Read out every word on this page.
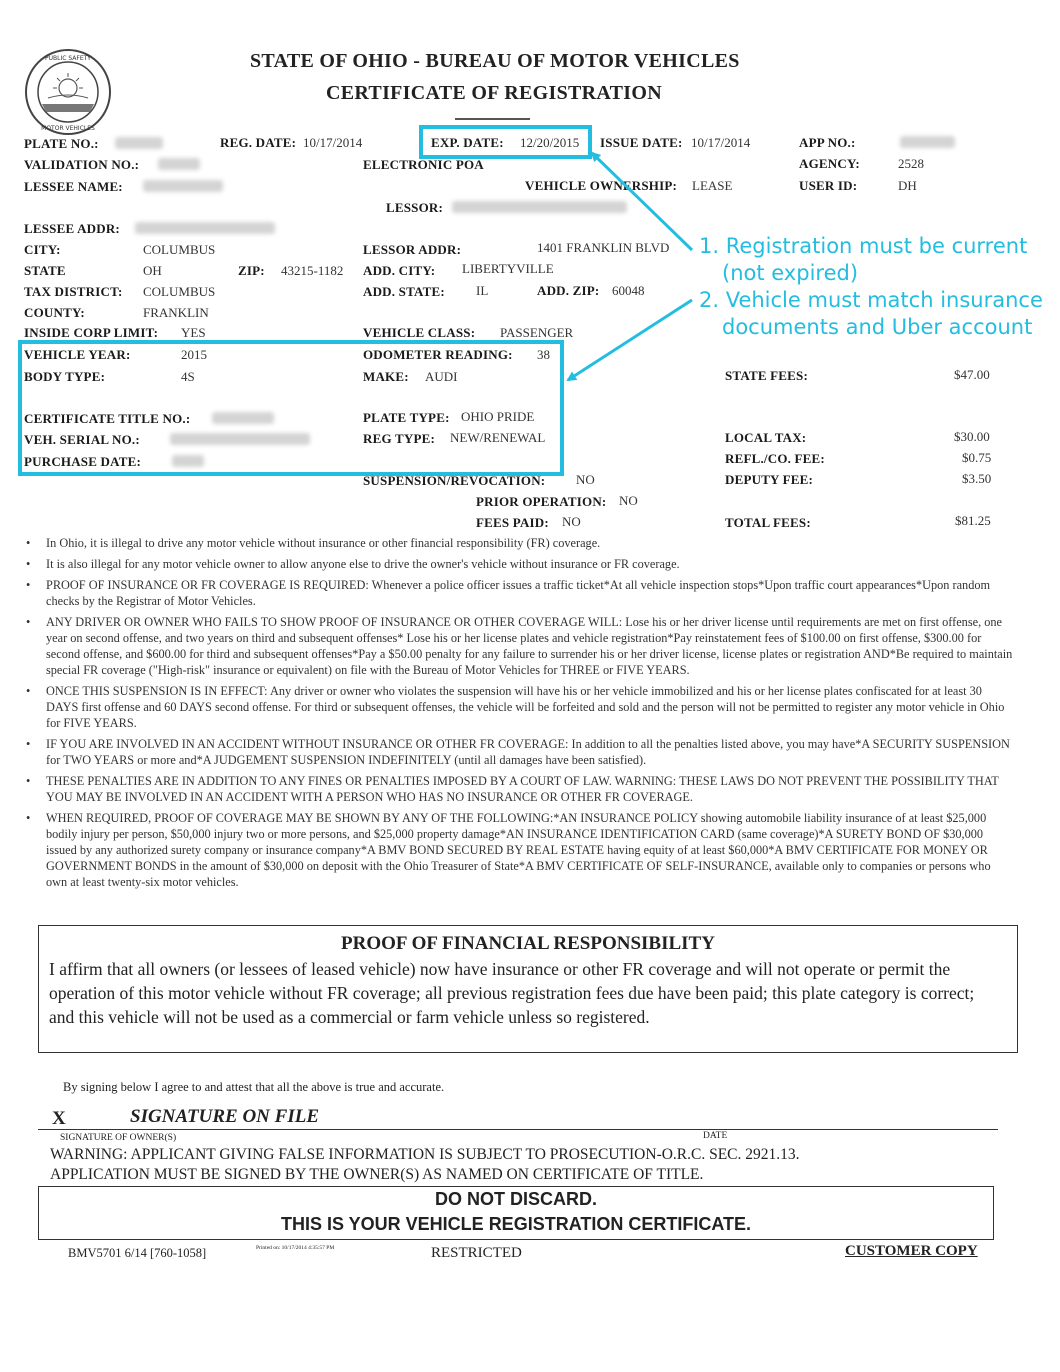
PUBLIC SAFETY
MOTOR VEHICLES
STATE OF OHIO - BUREAU OF MOTOR VEHICLES
CERTIFICATE OF REGISTRATION
PLATE NO.:	REG. DATE: 10/17/2014	EXP. DATE: 12/20/2015 ISSUE DATE: 10/17/2014	APP NO.:
VALIDATION NO.:	ELECTRONIC POA	AGENCY:	2528
LESSEE NAME:	VEHICLE OWNERSHIP: LEASE	USER ID:	DH
LESSOR:
LESSEE ADDR:
CITY:	COLUMBUS	LESSOR ADDR:	1401 FRANKLIN BLVD
STATE	OH	ZIP: 43215-1182 ADD. CITY: LIBERTYVILLE
TAX DISTRICT: COLUMBUS	ADD. STATE: IL	ADD. ZIP: 60048
COUNTY:	FRANKLIN
INSIDE CORP LIMIT: YES	VEHICLE CLASS: PASSENGER
VEHICLE YEAR:	2015	ODOMETER READING: 38
BODY TYPE:	4S	MAKE: AUDI	STATE FEES:	$47.00
CERTIFICATE TITLE NO.:	PLATE TYPE: OHIO PRIDE
VEH. SERIAL NO.:	REG TYPE: NEW/RENEWAL	LOCAL TAX:	$30.00
PURCHASE DATE:	REFL./CO. FEE:	$0.75
SUSPENSION/REVOCATION: NO	DEPUTY FEE:	$3.50
PRIOR OPERATION: NO
FEES PAID: NO	TOTAL FEES:	$81.25
1. Registration must be current
(not expired)
2. Vehicle must match insurance
documents and Uber account
• In Ohio, it is illegal to drive any motor vehicle without insurance or other financial responsibility (FR) coverage.
• It is also illegal for any motor vehicle owner to allow anyone else to drive the owner's vehicle without insurance or FR coverage.
• PROOF OF INSURANCE OR FR COVERAGE IS REQUIRED: Whenever a police officer issues a traffic ticket*At all vehicle inspection stops*Upon traffic court appearances*Upon random checks by the Registrar of Motor Vehicles.
• ANY DRIVER OR OWNER WHO FAILS TO SHOW PROOF OF INSURANCE OR OTHER COVERAGE WILL: Lose his or her driver license until requirements are met on first offense, one year on second offense, and two years on third and subsequent offenses* Lose his or her license plates and vehicle registration*Pay reinstatement fees of $100.00 on first offense, $300.00 for second offense, and $600.00 for third and subsequent offenses*Pay a $50.00 penalty for any failure to surrender his or her driver license, license plates or registration AND*Be required to maintain special FR coverage ("High-risk" insurance or equivalent) on file with the Bureau of Motor Vehicles for THREE or FIVE YEARS.
• ONCE THIS SUSPENSION IS IN EFFECT: Any driver or owner who violates the suspension will have his or her vehicle immobilized and his or her license plates confiscated for at least 30 DAYS first offense and 60 DAYS second offense. For third or subsequent offenses, the vehicle will be forfeited and sold and the person will not be permitted to register any motor vehicle in Ohio for FIVE YEARS.
• IF YOU ARE INVOLVED IN AN ACCIDENT WITHOUT INSURANCE OR OTHER FR COVERAGE: In addition to all the penalties listed above, you may have*A SECURITY SUSPENSION for TWO YEARS or more and*A JUDGEMENT SUSPENSION INDEFINITELY (until all damages have been satisfied).
• THESE PENALTIES ARE IN ADDITION TO ANY FINES OR PENALTIES IMPOSED BY A COURT OF LAW. WARNING: THESE LAWS DO NOT PREVENT THE POSSIBILITY THAT YOU MAY BE INVOLVED IN AN ACCIDENT WITH A PERSON WHO HAS NO INSURANCE OR OTHER FR COVERAGE.
• WHEN REQUIRED, PROOF OF COVERAGE MAY BE SHOWN BY ANY OF THE FOLLOWING:*AN INSURANCE POLICY showing automobile liability insurance of at least $25,000 bodily injury per person, $50,000 injury two or more persons, and $25,000 property damage*AN INSURANCE IDENTIFICATION CARD (same coverage)*A SURETY BOND OF $30,000 issued by any authorized surety company or insurance company*A BMV BOND SECURED BY REAL ESTATE having equity of at least $60,000*A BMV CERTIFICATE FOR MONEY OR GOVERNMENT BONDS in the amount of $30,000 on deposit with the Ohio Treasurer of State*A BMV CERTIFICATE OF SELF-INSURANCE, available only to companies or persons who own at least twenty-six motor vehicles.
PROOF OF FINANCIAL RESPONSIBILITY
I affirm that all owners (or lessees of leased vehicle) now have insurance or other FR coverage and will not operate or permit the operation of this motor vehicle without FR coverage; all previous registration fees due have been paid; this plate category is correct; and this vehicle will not be used as a commercial or farm vehicle unless so registered.
By signing below I agree to and attest that all the above is true and accurate.
X	SIGNATURE ON FILE
SIGNATURE OF OWNER(S)	DATE
WARNING: APPLICANT GIVING FALSE INFORMATION IS SUBJECT TO PROSECUTION-O.R.C. SEC. 2921.13.
APPLICATION MUST BE SIGNED BY THE OWNER(S) AS NAMED ON CERTIFICATE OF TITLE.
DO NOT DISCARD.
THIS IS YOUR VEHICLE REGISTRATION CERTIFICATE.
BMV5701 6/14 [760-1058]	Printed on: 10/17/2014 4:35:57 PM	RESTRICTED	CUSTOMER COPY
